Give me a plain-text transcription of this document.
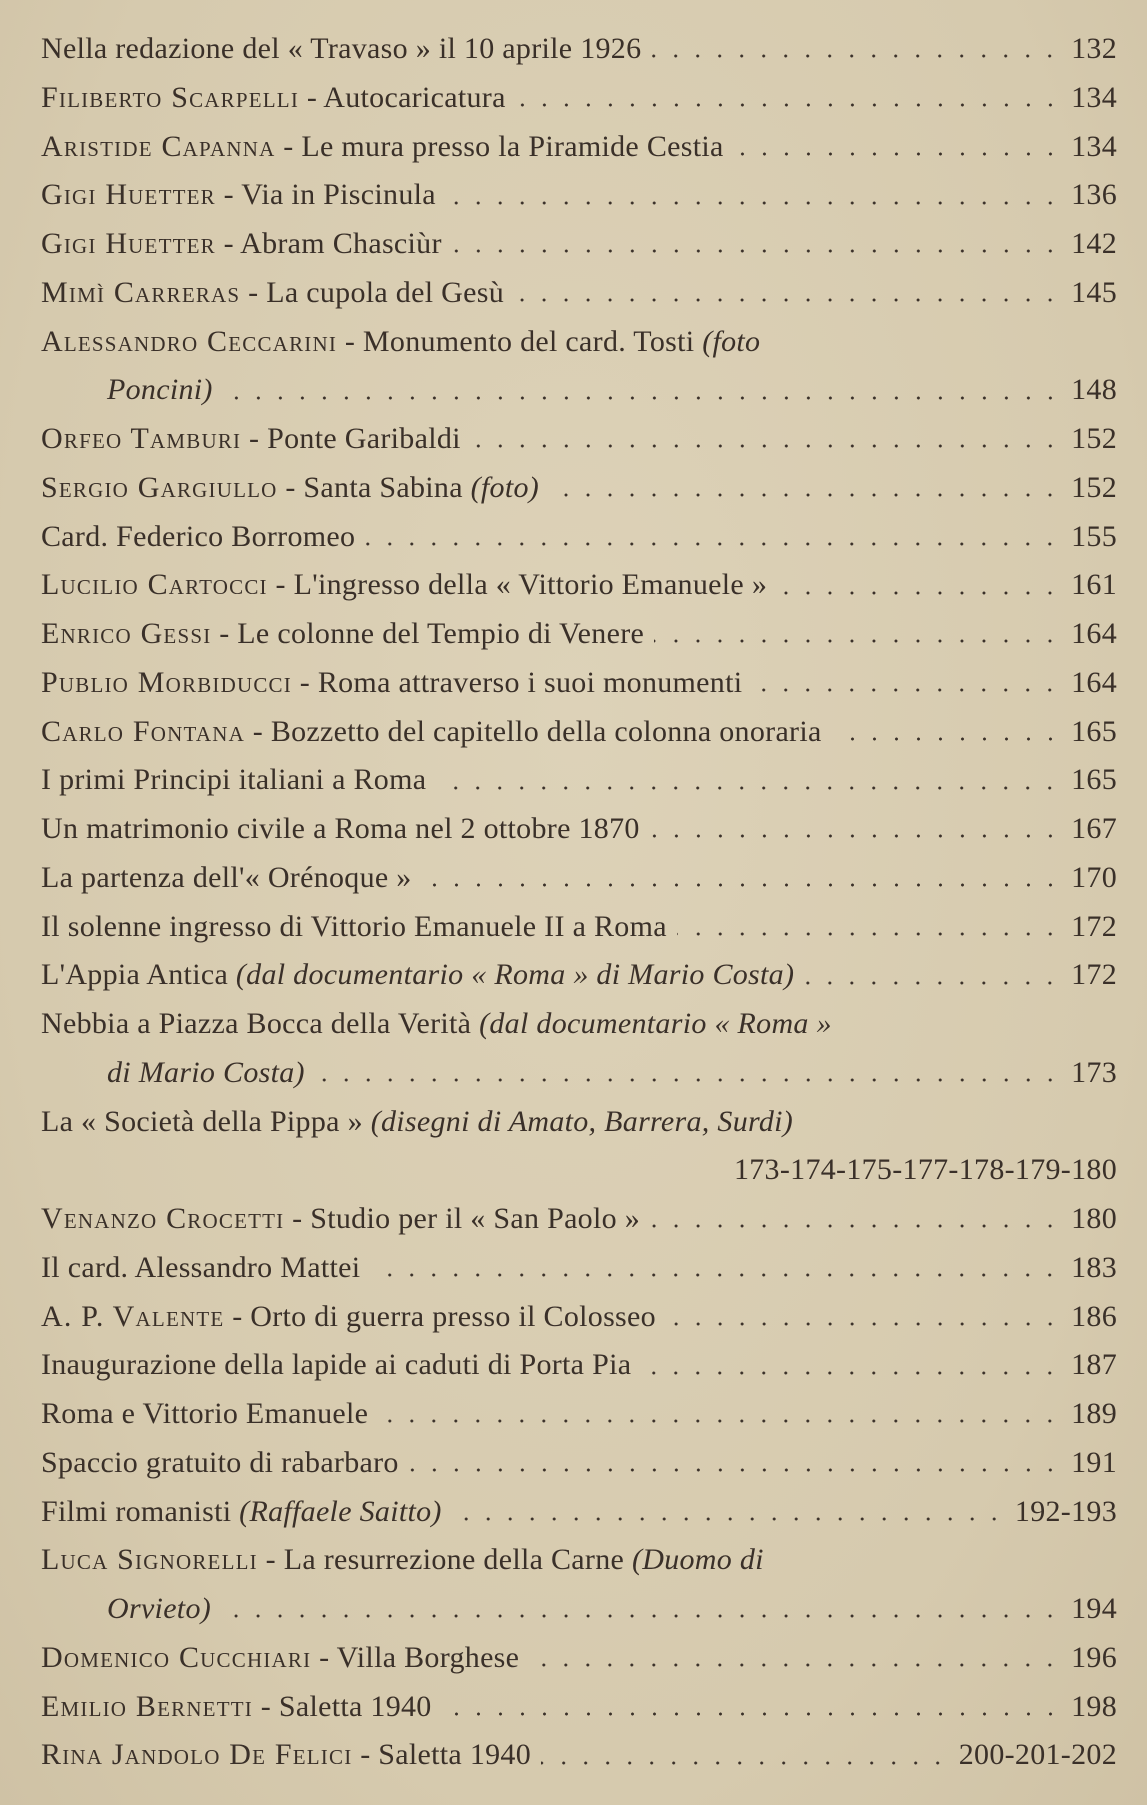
Nella redazione del « Travaso » il 10 aprile 1926	132
Filiberto Scarpelli - Autocaricatura	134
Aristide Capanna - Le mura presso la Piramide Cestia	134
Gigi Huetter - Via in Piscinula	136
Gigi Huetter - Abram Chasciùr	142
Mimì Carreras - La cupola del Gesù	145
Alessandro Ceccarini - Monumento del card. Tosti (foto
Poncini)	148
Orfeo Tamburi - Ponte Garibaldi	152
Sergio Gargiullo - Santa Sabina (foto)	152
Card. Federico Borromeo	155
Lucilio Cartocci - L'ingresso della « Vittorio Emanuele »	161
Enrico Gessi - Le colonne del Tempio di Venere	164
Publio Morbiducci - Roma attraverso i suoi monumenti	164
Carlo Fontana - Bozzetto del capitello della colonna onoraria	165
I primi Principi italiani a Roma	165
Un matrimonio civile a Roma nel 2 ottobre 1870	167
La partenza dell'« Orénoque »	170
Il solenne ingresso di Vittorio Emanuele II a Roma	172
L'Appia Antica (dal documentario « Roma » di Mario Costa)	172
Nebbia a Piazza Bocca della Verità (dal documentario « Roma »
di Mario Costa)	173
La « Società della Pippa » (disegni di Amato, Barrera, Surdi)
173-174-175-177-178-179-180
Venanzo Crocetti - Studio per il « San Paolo »	180
Il card. Alessandro Mattei	183
A. P. Valente - Orto di guerra presso il Colosseo	186
Inaugurazione della lapide ai caduti di Porta Pia	187
Roma e Vittorio Emanuele	189
Spaccio gratuito di rabarbaro	191
Filmi romanisti (Raffaele Saitto)	192-193
Luca Signorelli - La resurrezione della Carne (Duomo di
Orvieto)	194
Domenico Cucchiari - Villa Borghese	196
Emilio Bernetti - Saletta 1940	198
Rina Jandolo De Felici - Saletta 1940	200-201-202
